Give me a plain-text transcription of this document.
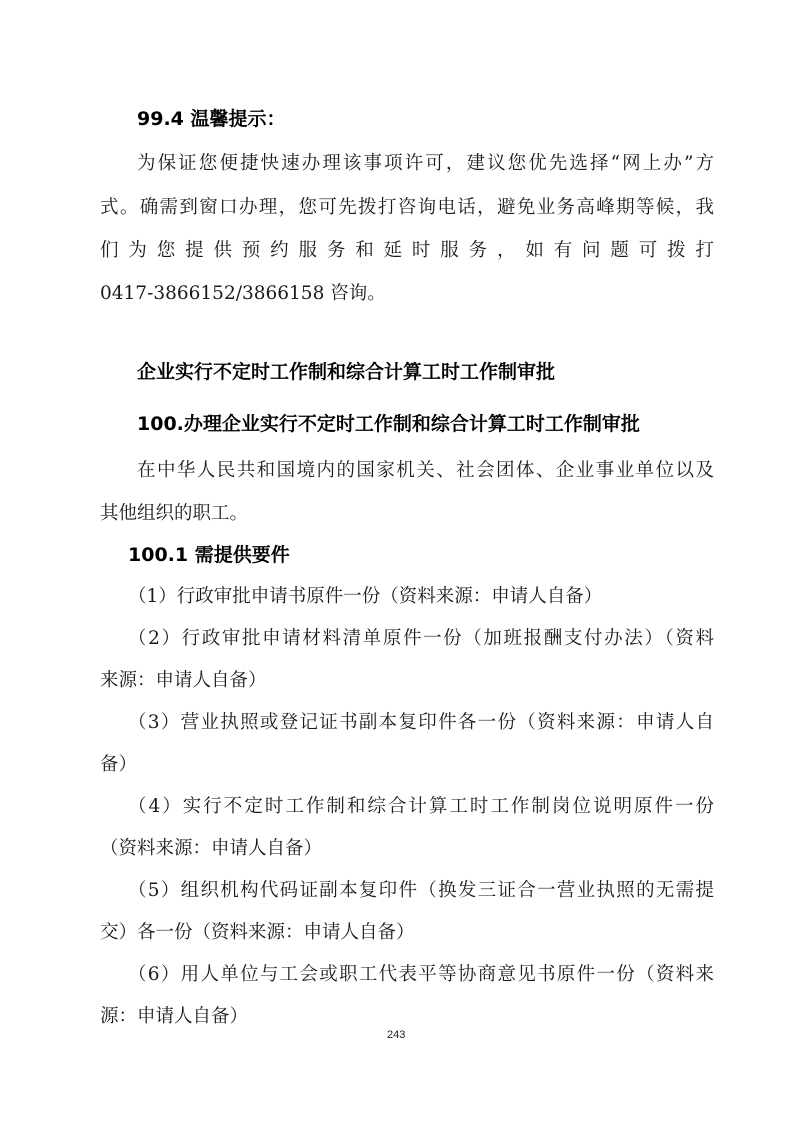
99.4 温馨提示：
为保证您便捷快速办理该事项许可，建议您优先选择“网上办”方
式。确需到窗口办理，您可先拨打咨询电话，避免业务高峰期等候，我
们为您提供预约服务和延时服务，如有问题可拨打
0417-3866152/3866158 咨询。
企业实行不定时工作制和综合计算工时工作制审批
100.办理企业实行不定时工作制和综合计算工时工作制审批
在中华人民共和国境内的国家机关、社会团体、企业事业单位以及
其他组织的职工。
100.1 需提供要件
（1）行政审批申请书原件一份（资料来源：申请人自备）
（2）行政审批申请材料清单原件一份（加班报酬支付办法）（资料
来源：申请人自备）
（3）营业执照或登记证书副本复印件各一份（资料来源：申请人自
备）
（4）实行不定时工作制和综合计算工时工作制岗位说明原件一份
（资料来源：申请人自备）
（5）组织机构代码证副本复印件（换发三证合一营业执照的无需提
交）各一份（资料来源：申请人自备）
（6）用人单位与工会或职工代表平等协商意见书原件一份（资料来
源：申请人自备）
243
